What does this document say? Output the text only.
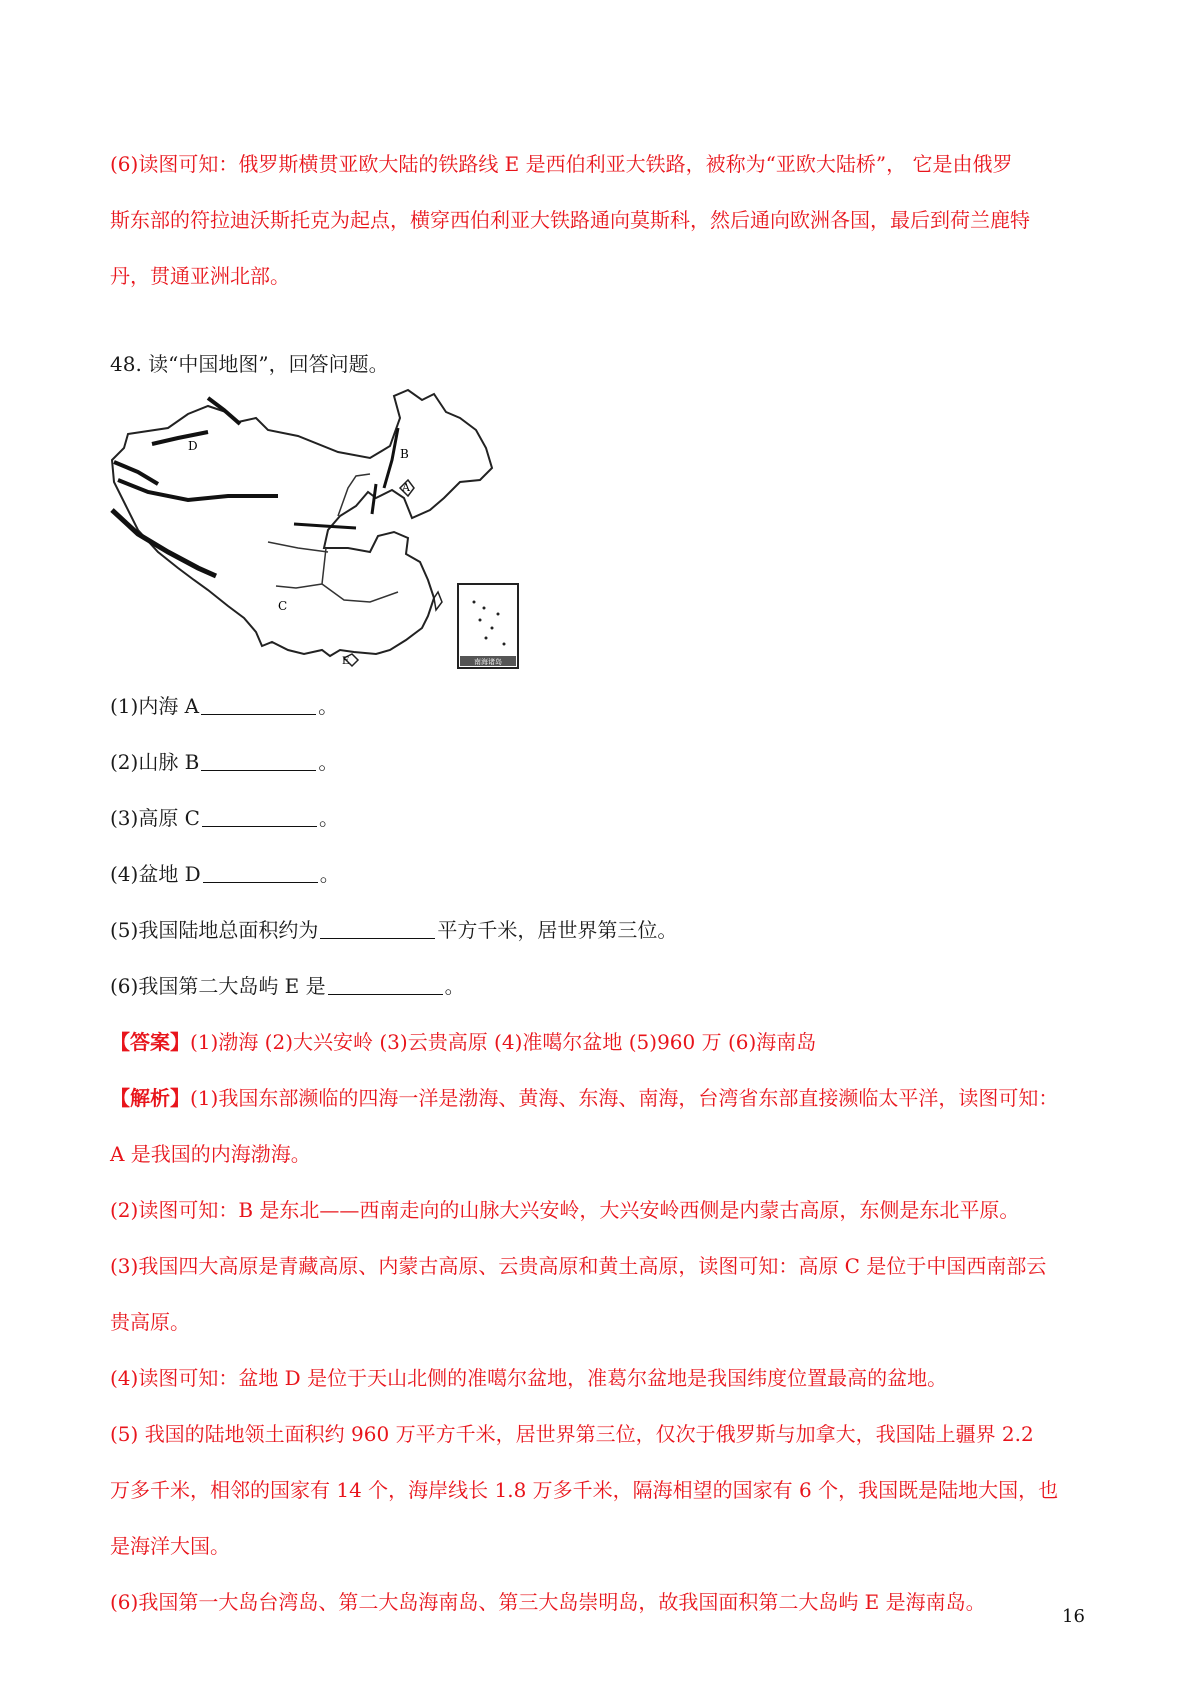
(6)读图可知：俄罗斯横贯亚欧大陆的铁路线 E 是西伯利亚大铁路，被称为“亚欧大陆桥”， 它是由俄罗
斯东部的符拉迪沃斯托克为起点，横穿西伯利亚大铁路通向莫斯科，然后通向欧洲各国，最后到荷兰鹿特
丹，贯通亚洲北部。
48. 读“中国地图”，回答问题。
南海诸岛
A
B
C
D
E
(1)内海 A	。
(2)山脉 B	。
(3)高原 C	。
(4)盆地 D	。
(5)我国陆地总面积约为	平方千米，居世界第三位。
(6)我国第二大岛屿 E 是	。
【答案】(1)渤海 (2)大兴安岭 (3)云贵高原 (4)准噶尔盆地 (5)960 万 (6)海南岛
【解析】(1)我国东部濒临的四海一洋是渤海、黄海、东海、南海，台湾省东部直接濒临太平洋，读图可知：
A 是我国的内海渤海。
(2)读图可知：B 是东北——西南走向的山脉大兴安岭，大兴安岭西侧是内蒙古高原，东侧是东北平原。
(3)我国四大高原是青藏高原、内蒙古高原、云贵高原和黄土高原，读图可知：高原 C 是位于中国西南部云
贵高原。
(4)读图可知：盆地 D 是位于天山北侧的准噶尔盆地，准葛尔盆地是我国纬度位置最高的盆地。
(5) 我国的陆地领土面积约 960 万平方千米，居世界第三位，仅次于俄罗斯与加拿大，我国陆上疆界 2.2
万多千米，相邻的国家有 14 个，海岸线长 1.8 万多千米，隔海相望的国家有 6 个，我国既是陆地大国，也
是海洋大国。
(6)我国第一大岛台湾岛、第二大岛海南岛、第三大岛崇明岛，故我国面积第二大岛屿 E 是海南岛。
16
